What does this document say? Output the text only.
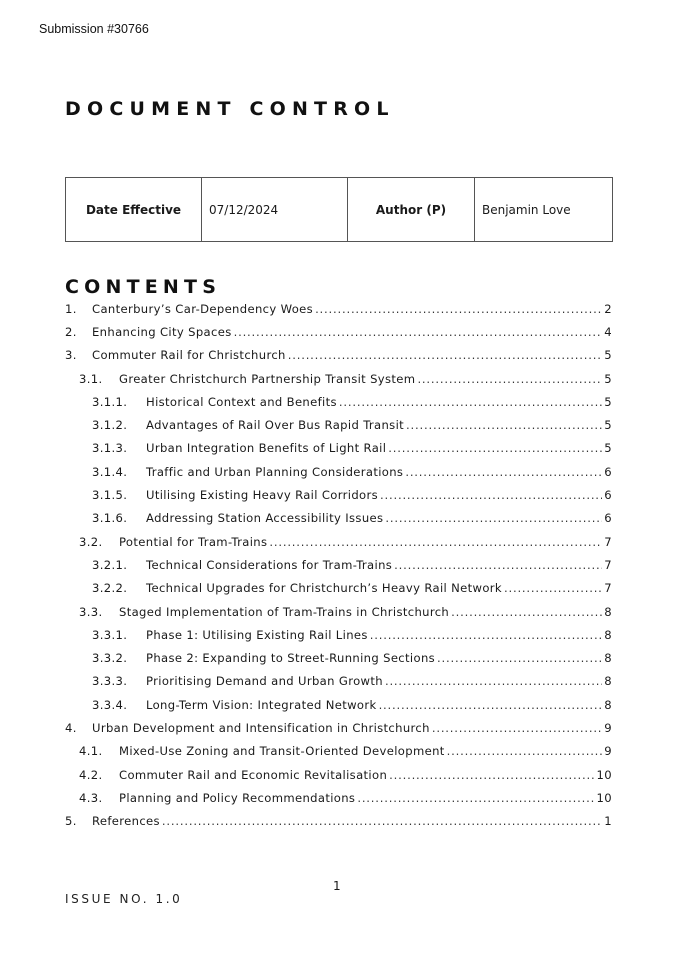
Submission #30766
DOCUMENT CONTROL
Date Effective	07/12/2024	Author (P)	Benjamin Love
CONTENTS
1.	Canterbury’s Car-Dependency Woes .....	2
2.	Enhancing City Spaces .....	4
3.	Commuter Rail for Christchurch .....	5
3.1.	Greater Christchurch Partnership Transit System .....	5
3.1.1.	Historical Context and Benefits .....	5
3.1.2.	Advantages of Rail Over Bus Rapid Transit .....	5
3.1.3.	Urban Integration Benefits of Light Rail .....	5
3.1.4.	Traffic and Urban Planning Considerations .....	6
3.1.5.	Utilising Existing Heavy Rail Corridors .....	6
3.1.6.	Addressing Station Accessibility Issues .....	6
3.2.	Potential for Tram-Trains .....	7
3.2.1.	Technical Considerations for Tram-Trains .....	7
3.2.2.	Technical Upgrades for Christchurch’s Heavy Rail Network .....	7
3.3.	Staged Implementation of Tram-Trains in Christchurch .....	8
3.3.1.	Phase 1: Utilising Existing Rail Lines .....	8
3.3.2.	Phase 2: Expanding to Street-Running Sections .....	8
3.3.3.	Prioritising Demand and Urban Growth .....	8
3.3.4.	Long-Term Vision: Integrated Network .....	8
4.	Urban Development and Intensification in Christchurch .....	9
4.1.	Mixed-Use Zoning and Transit-Oriented Development .....	9
4.2.	Commuter Rail and Economic Revitalisation .....	10
4.3.	Planning and Policy Recommendations .....	10
5.	References .....	1
1
ISSUE NO. 1.0
